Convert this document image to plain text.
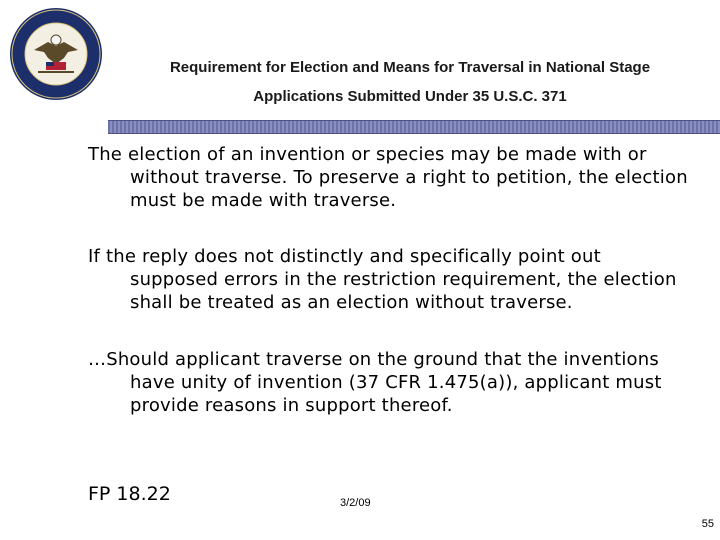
Requirement for Election and Means for Traversal in National Stage
Applications Submitted Under 35 U.S.C. 371
The election of an invention or species may be made with or
without traverse. To preserve a right to petition, the election must be made with traverse.
If the reply does not distinctly and specifically point out
supposed errors in the restriction requirement, the election shall be treated as an election without traverse.
…Should applicant traverse on the ground that the inventions
have unity of invention (37 CFR 1.475(a)), applicant must provide reasons in support thereof.
FP 18.22	3/2/09
55
